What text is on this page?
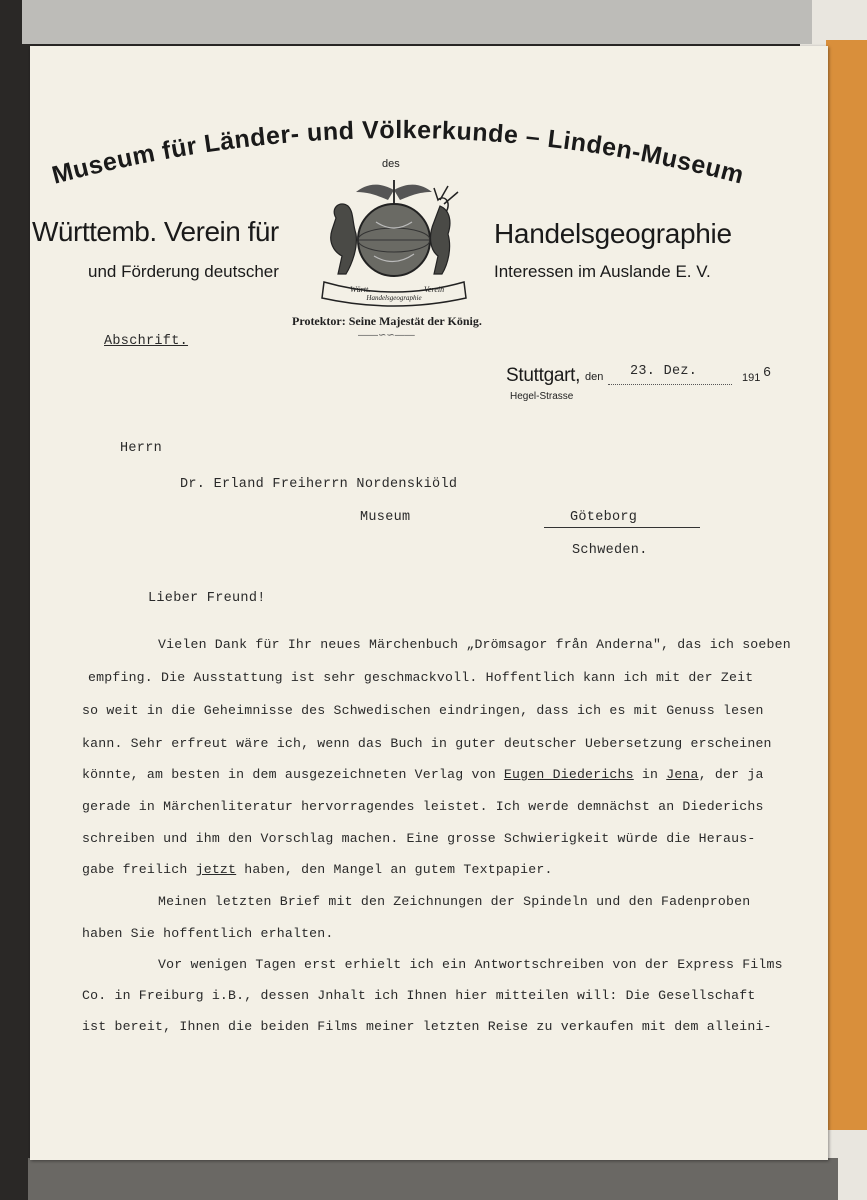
Museum für Länder- und Völkerkunde – Linden-Museum
des
Württemb. Verein für
und Förderung deutscher
Handelsgeographie
Interessen im Auslande E. V.
Württ.
Handelsgeographie
Verein
Protektor: Seine Majestät der König.
——∽∽——
Abschrift.
Stuttgart, den 23. Dez.	191 6
Hegel-Strasse
Herrn
Dr. Erland Freiherrn Nordenskiöld
Museum	Göteborg
Schweden.
Lieber Freund!
Vielen Dank für Ihr neues Märchenbuch „Drömsagor från Anderna", das ich soeben
empfing. Die Ausstattung ist sehr geschmackvoll. Hoffentlich kann ich mit der Zeit
so weit in die Geheimnisse des Schwedischen eindringen, dass ich es mit Genuss lesen
kann. Sehr erfreut wäre ich, wenn das Buch in guter deutscher Uebersetzung erscheinen
könnte, am besten in dem ausgezeichneten Verlag von Eugen Diederichs in Jena, der ja
gerade in Märchenliteratur hervorragendes leistet. Ich werde demnächst an Diederichs
schreiben und ihm den Vorschlag machen. Eine grosse Schwierigkeit würde die Heraus-
gabe freilich jetzt haben, den Mangel an gutem Textpapier.
Meinen letzten Brief mit den Zeichnungen der Spindeln und den Fadenproben
haben Sie hoffentlich erhalten.
Vor wenigen Tagen erst erhielt ich ein Antwortschreiben von der Express Films
Co. in Freiburg i.B., dessen Jnhalt ich Ihnen hier mitteilen will: Die Gesellschaft
ist bereit, Ihnen die beiden Films meiner letzten Reise zu verkaufen mit dem alleini-
